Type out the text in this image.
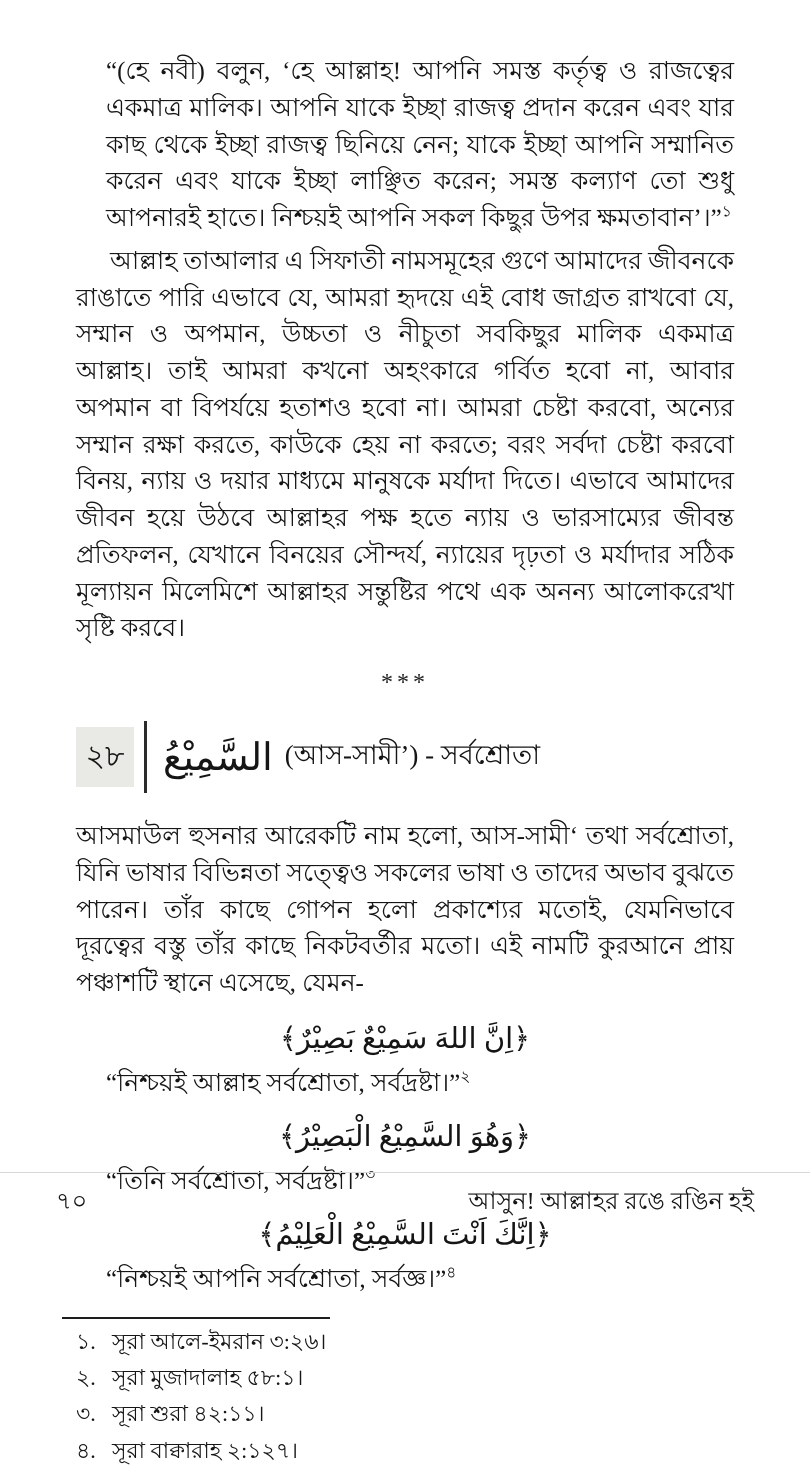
“(হে নবী) বলুন, ‘হে আল্লাহ! আপনি সমস্ত কর্তৃত্ব ও রাজত্বের একমাত্র মালিক। আপনি যাকে ইচ্ছা রাজত্ব প্রদান করেন এবং যার কাছ থেকে ইচ্ছা রাজত্ব ছিনিয়ে নেন; যাকে ইচ্ছা আপনি সম্মানিত করেন এবং যাকে ইচ্ছা লাঞ্ছিত করেন; সমস্ত কল্যাণ তো শুধু আপনারই হাতে। নিশ্চয়ই আপনি সকল কিছুর উপর ক্ষমতাবান’।”$^১$

আল্লাহ তাআলার এ সিফাতী নামসমূহের গুণে আমাদের জীবনকে রাঙাতে পারি এভাবে যে, আমরা হৃদয়ে এই বোধ জাগ্রত রাখবো যে, সম্মান ও অপমান, উচ্চতা ও নীচুতা সবকিছুর মালিক একমাত্র আল্লাহ। তাই আমরা কখনো অহংকারে গর্বিত হবো না, আবার অপমান বা বিপর্যয়ে হতাশও হবো না। আমরা চেষ্টা করবো, অন্যের সম্মান রক্ষা করতে, কাউকে হেয় না করতে; বরং সর্বদা চেষ্টা করবো বিনয়, ন্যায় ও দয়ার মাধ্যমে মানুষকে মর্যাদা দিতে। এভাবে আমাদের জীবন হয়ে উঠবে আল্লাহর পক্ষ হতে ন্যায় ও ভারসাম্যের জীবন্ত প্রতিফলন, যেখানে বিনয়ের সৌন্দর্য, ন্যায়ের দৃঢ়তা ও মর্যাদার সঠিক মূল্যায়ন মিলেমিশে আল্লাহর সন্তুষ্টির পথে এক অনন্য আলোকরেখা সৃষ্টি করবে।

***
২৮ السَّمِيْعُ (আস-সামী’) - সর্বশ্রোতা

আসমাউল হুসনার আরেকটি নাম হলো, আস-সামী‘ তথা সর্বশ্রোতা, যিনি ভাষার বিভিন্নতা সত্ত্বেও সকলের ভাষা ও তাদের অভাব বুঝতে পারেন। তাঁর কাছে গোপন হলো প্রকাশ্যের মতোই, যেমনিভাবে দূরত্বের বস্তু তাঁর কাছে নিকটবর্তীর মতো। এই নামটি কুরআনে প্রায় পঞ্চাশটি স্থানে এসেছে, যেমন-

﴿اِنَّ اللهَ سَمِيْعٌ بَصِيْرٌ﴾

“নিশ্চয়ই আল্লাহ সর্বশ্রোতা, সর্বদ্রষ্টা।”$^২$

﴿وَهُوَ السَّمِيْعُ الْبَصِيْرُ﴾

“তিনি সর্বশ্রোতা, সর্বদ্রষ্টা।”$^৩$

﴿اِنَّكَ اَنْتَ السَّمِيْعُ الْعَلِيْمُ﴾

“নিশ্চয়ই আপনি সর্বশ্রোতা, সর্বজ্ঞ।”$^৪$

১. সূরা আলে-ইমরান ৩:২৬।
২. সূরা মুজাদালাহ ৫৮:১।
৩. সূরা শুরা ৪২:১১।
৪. সূরা বাক্বারাহ ২:১২৭।
৭০	আসুন! আল্লাহর রঙে রঙিন হই
